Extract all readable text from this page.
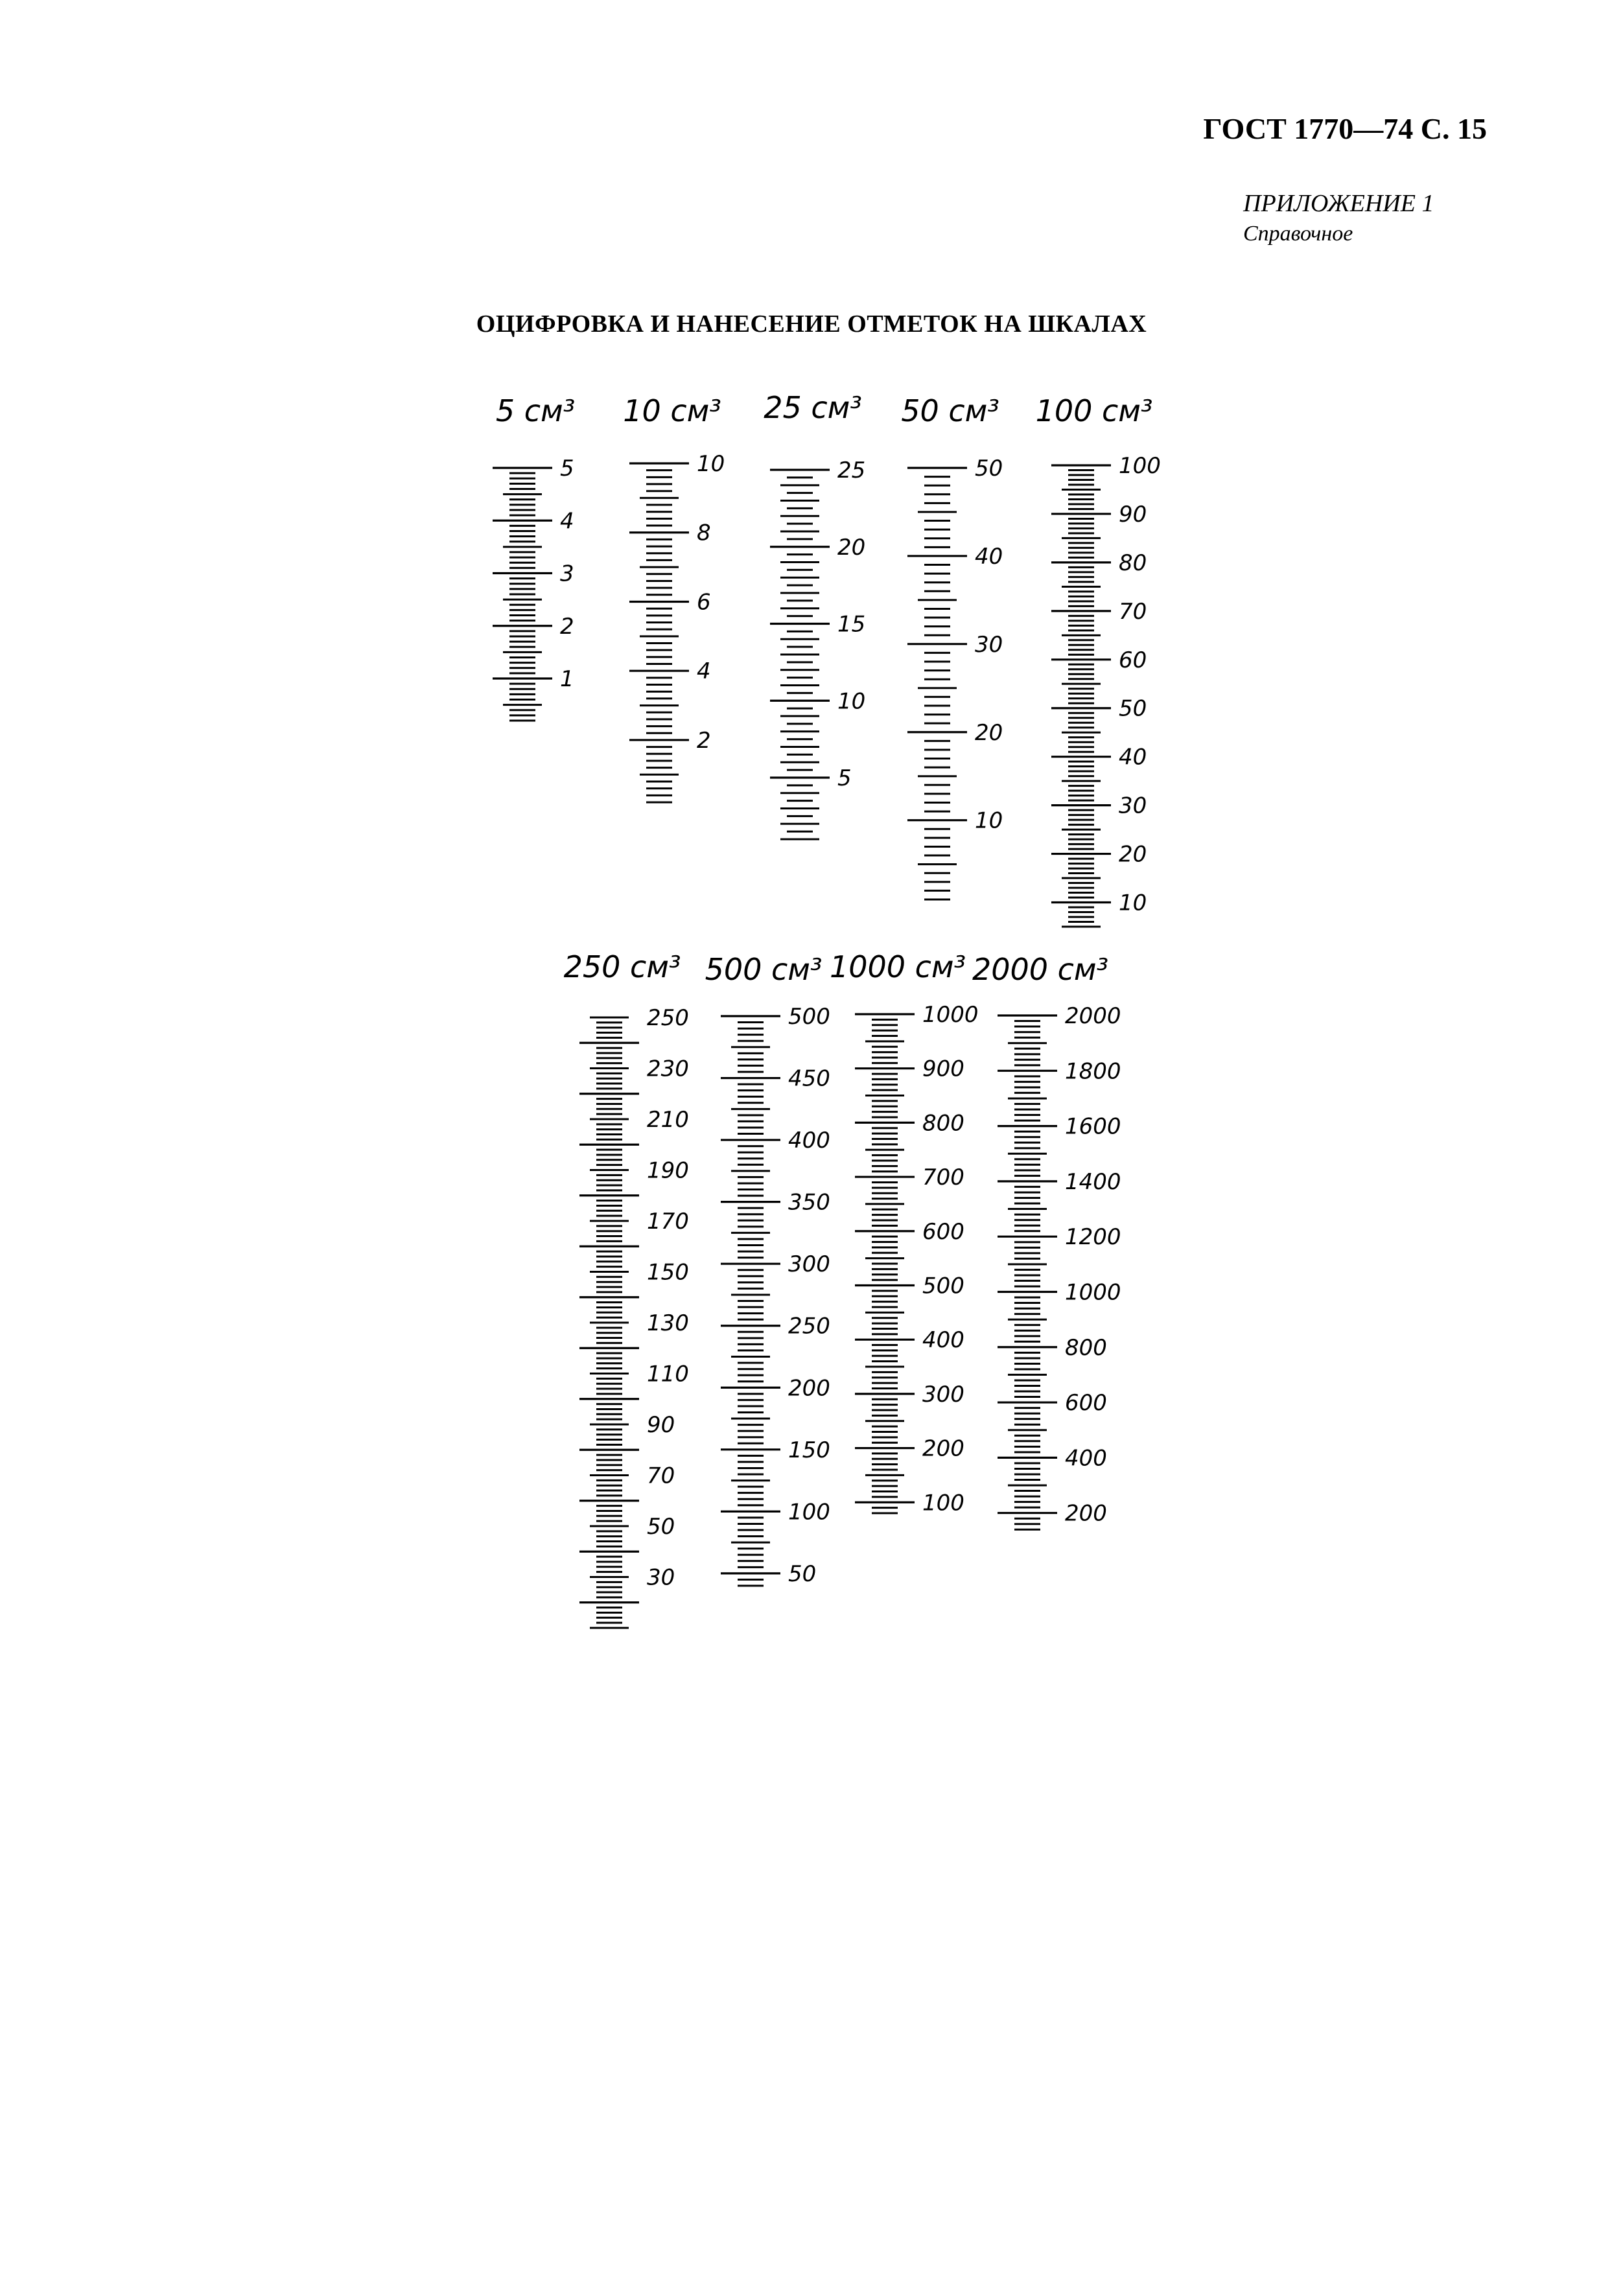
ГОСТ 1770—74 С. 15
ПРИЛОЖЕНИЕ 1
Справочное
ОЦИФРОВКА И НАНЕСЕНИЕ ОТМЕТОК НА ШКАЛАХ
5 см³
5
4
3
2
1
10 см³
10
8
6
4
2
25 см³
25
20
15
10
5
50 см³
50
40
30
20
10
100 см³
100
90
80
70
60
50
40
30
20
10
250 см³
250
230
210
190
170
150
130
110
90
70
50
30
500 см³
500
450
400
350
300
250
200
150
100
50
1000 см³
1000
900
800
700
600
500
400
300
200
100
2000 см³
2000
1800
1600
1400
1200
1000
800
600
400
200
